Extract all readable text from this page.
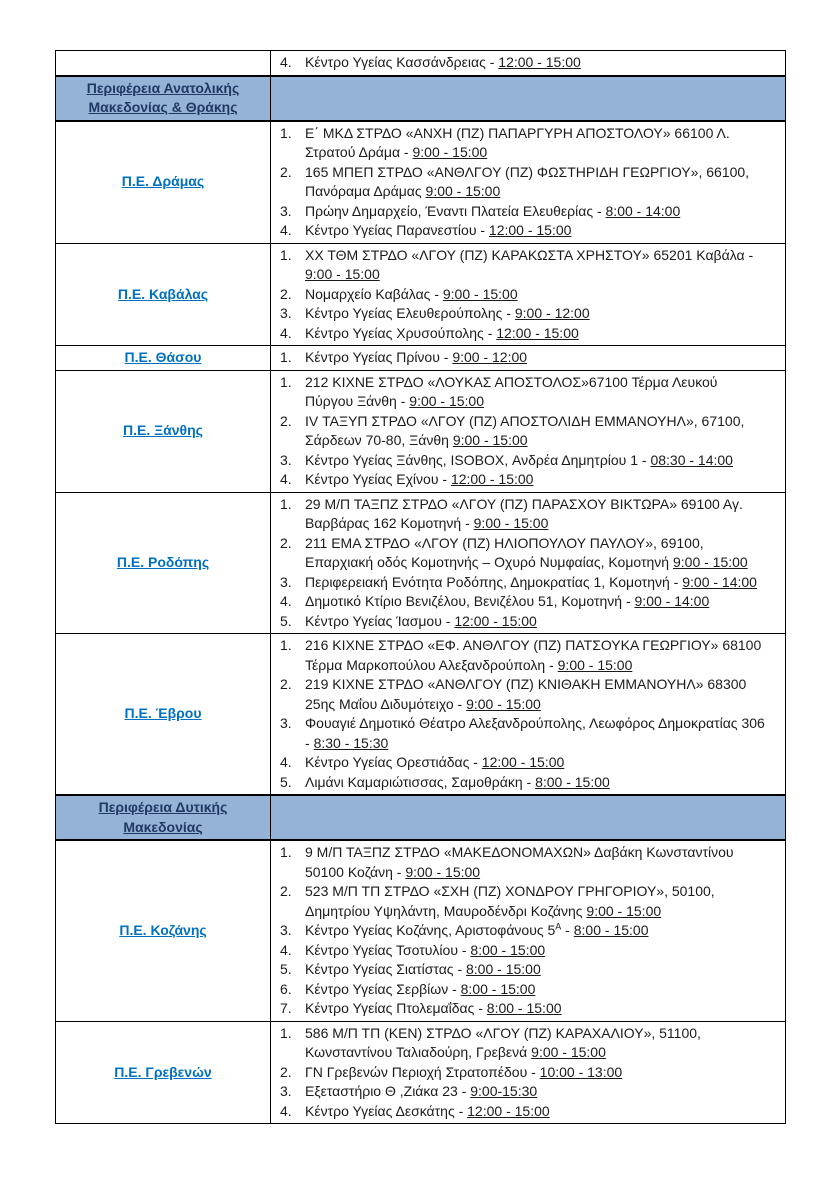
	4. Κέντρο Υγείας Κασσάνδρειας - 12:00 - 15:00

Περιφέρεια Ανατολικής Μακεδονίας & Θράκης	

Π.Ε. Δράμας	
1. Ε΄ ΜΚΔ ΣΤΡΔΟ «ΑΝΧΗ (ΠΖ) ΠΑΠΑΡΓΥΡΗ ΑΠΟΣΤΟΛΟΥ» 66100 Λ. Στρατού Δράμα - 9:00 - 15:00
2. 165 ΜΠΕΠ ΣΤΡΔΟ «ΑΝΘΛΓΟΥ (ΠΖ) ΦΩΣΤΗΡΙΔΗ ΓΕΩΡΓΙΟΥ», 66100, Πανόραμα Δράμας 9:00 - 15:00
3. Πρώην Δημαρχείο, Έναντι Πλατεία Ελευθερίας - 8:00 - 14:00
4. Κέντρο Υγείας Παρανεστίου - 12:00 - 15:00

Π.Ε. Καβάλας	
1. ΧΧ ΤΘΜ ΣΤΡΔΟ «ΛΓΟΥ (ΠΖ) ΚΑΡΑΚΩΣΤΑ ΧΡΗΣΤΟΥ» 65201 Καβάλα - 9:00 - 15:00
2. Νομαρχείο Καβάλας - 9:00 - 15:00
3. Κέντρο Υγείας Ελευθερούπολης - 9:00 - 12:00
4. Κέντρο Υγείας Χρυσούπολης - 12:00 - 15:00

Π.Ε. Θάσου	1. Κέντρο Υγείας Πρίνου - 9:00 - 12:00

Π.Ε. Ξάνθης	
1. 212 ΚΙΧΝΕ ΣΤΡΔΟ «ΛΟΥΚΑΣ ΑΠΟΣΤΟΛΟΣ»67100 Τέρμα Λευκού Πύργου Ξάνθη - 9:00 - 15:00
2. IV ΤΑΞΥΠ ΣΤΡΔΟ «ΛΓΟΥ (ΠΖ) ΑΠΟΣΤΟΛΙΔΗ ΕΜΜΑΝΟΥΗΛ», 67100, Σάρδεων 70-80, Ξάνθη 9:00 - 15:00
3. Κέντρο Υγείας Ξάνθης, ISOBOX, Ανδρέα Δημητρίου 1 - 08:30 - 14:00
4. Κέντρο Υγείας Εχίνου - 12:00 - 15:00

Π.Ε. Ροδόπης	
1. 29 Μ/Π ΤΑΞΠΖ ΣΤΡΔΟ «ΛΓΟΥ (ΠΖ) ΠΑΡΑΣΧΟΥ ΒΙΚΤΩΡΑ» 69100 Αγ. Βαρβάρας 162 Κομοτηνή - 9:00 - 15:00
2. 211 ΕΜΑ ΣΤΡΔΟ «ΛΓΟΥ (ΠΖ) ΗΛΙΟΠΟΥΛΟΥ ΠΑΥΛΟΥ», 69100, Επαρχιακή οδός Κομοτηνής – Οχυρό Νυμφαίας, Κομοτηνή 9:00 - 15:00
3. Περιφερειακή Ενότητα Ροδόπης, Δημοκρατίας 1, Κομοτηνή - 9:00 - 14:00
4. Δημοτικό Κτίριο Βενιζέλου, Βενιζέλου 51, Κομοτηνή - 9:00 - 14:00
5. Κέντρο Υγείας Ίασμου - 12:00 - 15:00

Π.Ε. Έβρου	
1. 216 ΚΙΧΝΕ ΣΤΡΔΟ «ΕΦ. ΑΝΘΛΓΟΥ (ΠΖ) ΠΑΤΣΟΥΚΑ ΓΕΩΡΓΙΟΥ» 68100 Τέρμα Μαρκοπούλου Αλεξανδρούπολη - 9:00 - 15:00
2. 219 ΚΙΧΝΕ ΣΤΡΔΟ «ΑΝΘΛΓΟΥ (ΠΖ) ΚΝΙΘΑΚΗ ΕΜΜΑΝΟΥΗΛ» 68300 25ης Μαΐου Διδυμότειχο - 9:00 - 15:00
3. Φουαγιέ Δημοτικό Θέατρο Αλεξανδρούπολης, Λεωφόρος Δημοκρατίας 306 - 8:30 - 15:30
4. Κέντρο Υγείας Ορεστιάδας - 12:00 - 15:00
5. Λιμάνι Καμαριώτισσας, Σαμοθράκη - 8:00 - 15:00

Περιφέρεια Δυτικής Μακεδονίας	

Π.Ε. Κοζάνης	
1. 9 Μ/Π ΤΑΞΠΖ ΣΤΡΔΟ «ΜΑΚΕΔΟΝΟΜΑΧΩΝ» Δαβάκη Κωνσταντίνου 50100 Κοζάνη - 9:00 - 15:00
2. 523 Μ/Π ΤΠ ΣΤΡΔΟ «ΣΧΗ (ΠΖ) ΧΟΝΔΡΟΥ ΓΡΗΓΟΡΙΟΥ», 50100, Δημητρίου Υψηλάντη, Μαυροδένδρι Κοζάνης 9:00 - 15:00
3. Κέντρο Υγείας Κοζάνης, Αριστοφάνους $5^A$ - 8:00 - 15:00
4. Κέντρο Υγείας Τσοτυλίου - 8:00 - 15:00
5. Κέντρο Υγείας Σιατίστας - 8:00 - 15:00
6. Κέντρο Υγείας Σερβίων - 8:00 - 15:00
7. Κέντρο Υγείας Πτολεμαΐδας - 8:00 - 15:00

Π.Ε. Γρεβενών	
1. 586 Μ/Π ΤΠ (ΚΕΝ) ΣΤΡΔΟ «ΛΓΟΥ (ΠΖ) ΚΑΡΑΧΑΛΙΟΥ», 51100, Κωνσταντίνου Ταλιαδούρη, Γρεβενά 9:00 - 15:00
2. ΓΝ Γρεβενών Περιοχή Στρατοπέδου - 10:00 - 13:00
3. Εξεταστήριο Θ ,Ζιάκα 23 - 9:00-15:30
4. Κέντρο Υγείας Δεσκάτης - 12:00 - 15:00
